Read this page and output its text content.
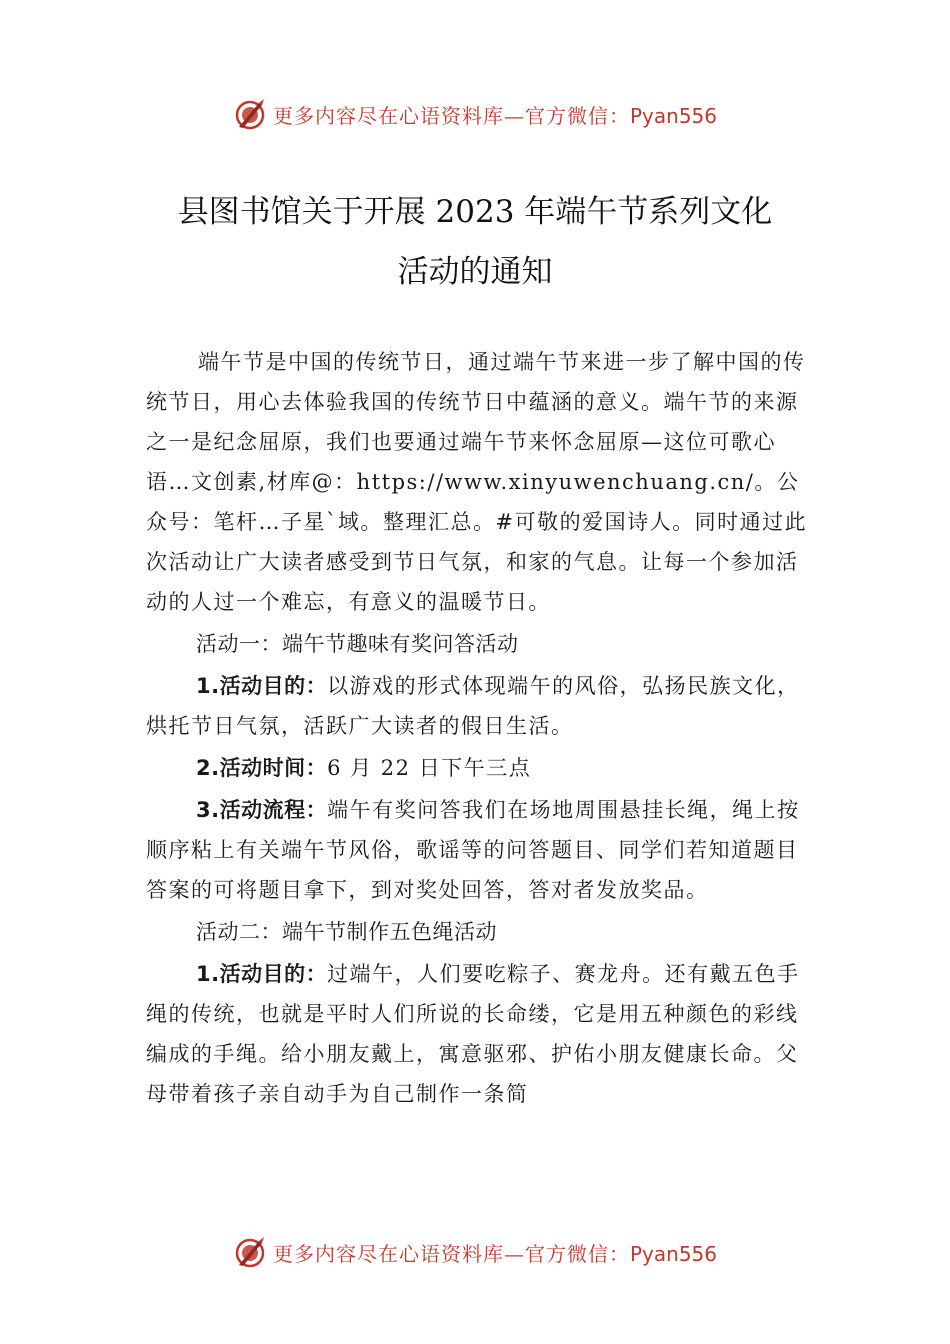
更多内容尽在心语资料库—官方微信：Pyan556
县图书馆关于开展 2023 年端午节系列文化
活动的通知

端午节是中国的传统节日，通过端午节来进一步了解中国的传统节日，用心去体验我国的传统节日中蕴涵的意义。端午节的来源之一是纪念屈原，我们也要通过端午节来怀念屈原—这位可歌心语…文创素,材库@：https://www.xinyuwenchuang.cn/。公众号：笔杆…子星`域。整理汇总。#可敬的爱国诗人。同时通过此次活动让广大读者感受到节日气氛，和家的气息。让每一个参加活动的人过一个难忘，有意义的温暖节日。

活动一：端午节趣味有奖问答活动

1.活动目的：以游戏的形式体现端午的风俗，弘扬民族文化，烘托节日气氛，活跃广大读者的假日生活。

2.活动时间：6 月 22 日下午三点

3.活动流程：端午有奖问答我们在场地周围悬挂长绳，绳上按顺序粘上有关端午节风俗，歌谣等的问答题目、同学们若知道题目答案的可将题目拿下，到对奖处回答，答对者发放奖品。

活动二：端午节制作五色绳活动

1.活动目的：过端午，人们要吃粽子、赛龙舟。还有戴五色手绳的传统，也就是平时人们所说的长命缕，它是用五种颜色的彩线编成的手绳。给小朋友戴上，寓意驱邪、护佑小朋友健康长命。父母带着孩子亲自动手为自己制作一条简

更多内容尽在心语资料库—官方微信：Pyan556
